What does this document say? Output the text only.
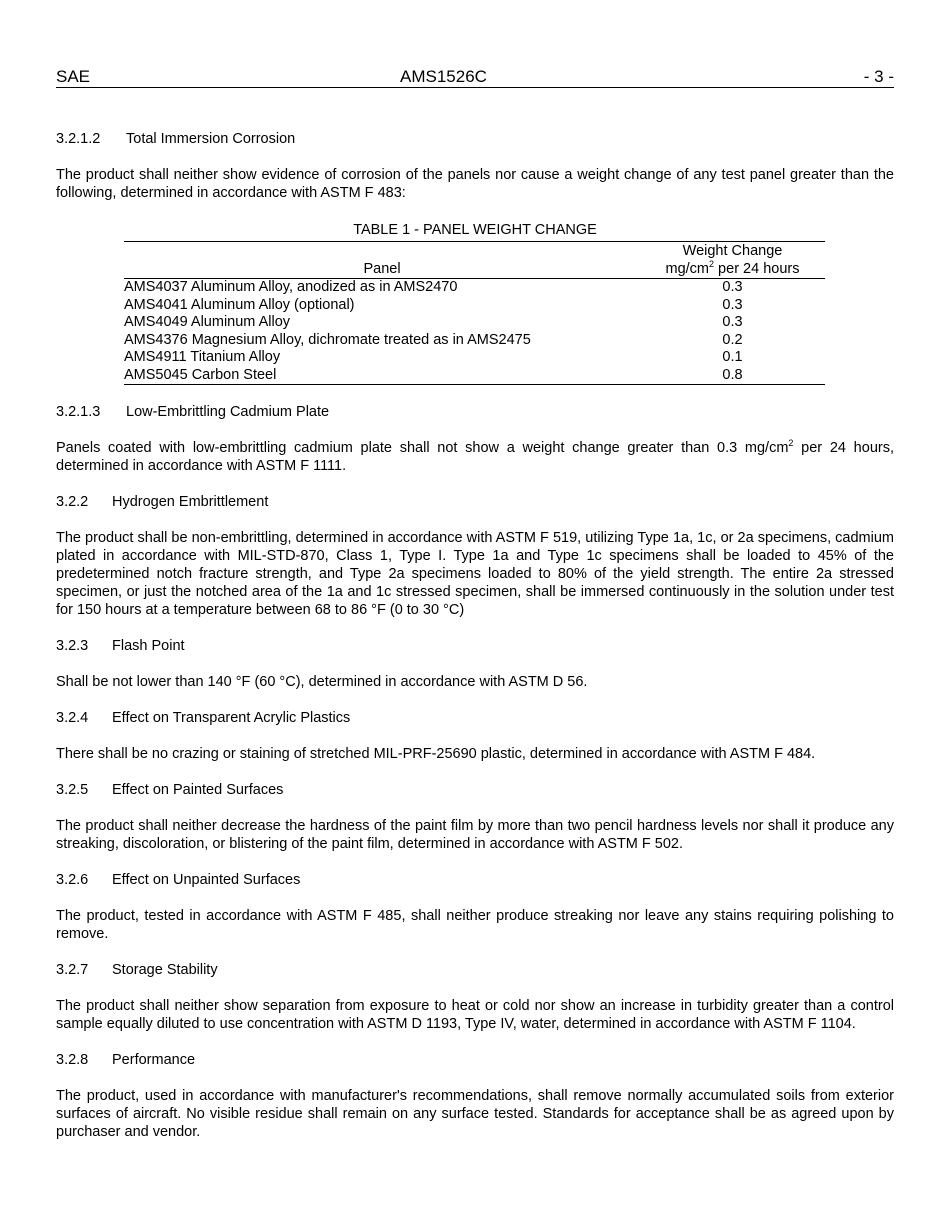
SAE	AMS1526C	- 3 -
3.2.1.2 Total Immersion Corrosion

The product shall neither show evidence of corrosion of the panels nor cause a weight change of any test panel greater than the following, determined in accordance with ASTM F 483:

TABLE 1 - PANEL WEIGHT CHANGE
	Weight Change
Panel	$mg/cm^2$ per 24 hours
AMS4037 Aluminum Alloy, anodized as in AMS2470	0.3
AMS4041 Aluminum Alloy (optional)	0.3
AMS4049 Aluminum Alloy	0.3
AMS4376 Magnesium Alloy, dichromate treated as in AMS2475	0.2
AMS4911 Titanium Alloy	0.1
AMS5045 Carbon Steel	0.8
3.2.1.3 Low-Embrittling Cadmium Plate

Panels coated with low-embrittling cadmium plate shall not show a weight change greater than 0.3 $mg/cm^2$ per 24 hours, determined in accordance with ASTM F 1111.

3.2.2 Hydrogen Embrittlement

The product shall be non-embrittling, determined in accordance with ASTM F 519, utilizing Type 1a, 1c, or 2a specimens, cadmium plated in accordance with MIL-STD-870, Class 1, Type I. Type 1a and Type 1c specimens shall be loaded to 45% of the predetermined notch fracture strength, and Type 2a specimens loaded to 80% of the yield strength. The entire 2a stressed specimen, or just the notched area of the 1a and 1c stressed specimen, shall be immersed continuously in the solution under test for 150 hours at a temperature between 68 to 86 °F (0 to 30 °C)

3.2.3 Flash Point

Shall be not lower than 140 °F (60 °C), determined in accordance with ASTM D 56.

3.2.4 Effect on Transparent Acrylic Plastics

There shall be no crazing or staining of stretched MIL-PRF-25690 plastic, determined in accordance with ASTM F 484.

3.2.5 Effect on Painted Surfaces

The product shall neither decrease the hardness of the paint film by more than two pencil hardness levels nor shall it produce any streaking, discoloration, or blistering of the paint film, determined in accordance with ASTM F 502.

3.2.6 Effect on Unpainted Surfaces

The product, tested in accordance with ASTM F 485, shall neither produce streaking nor leave any stains requiring polishing to remove.

3.2.7 Storage Stability

The product shall neither show separation from exposure to heat or cold nor show an increase in turbidity greater than a control sample equally diluted to use concentration with ASTM D 1193, Type IV, water, determined in accordance with ASTM F 1104.

3.2.8 Performance

The product, used in accordance with manufacturer's recommendations, shall remove normally accumulated soils from exterior surfaces of aircraft. No visible residue shall remain on any surface tested. Standards for acceptance shall be as agreed upon by purchaser and vendor.
